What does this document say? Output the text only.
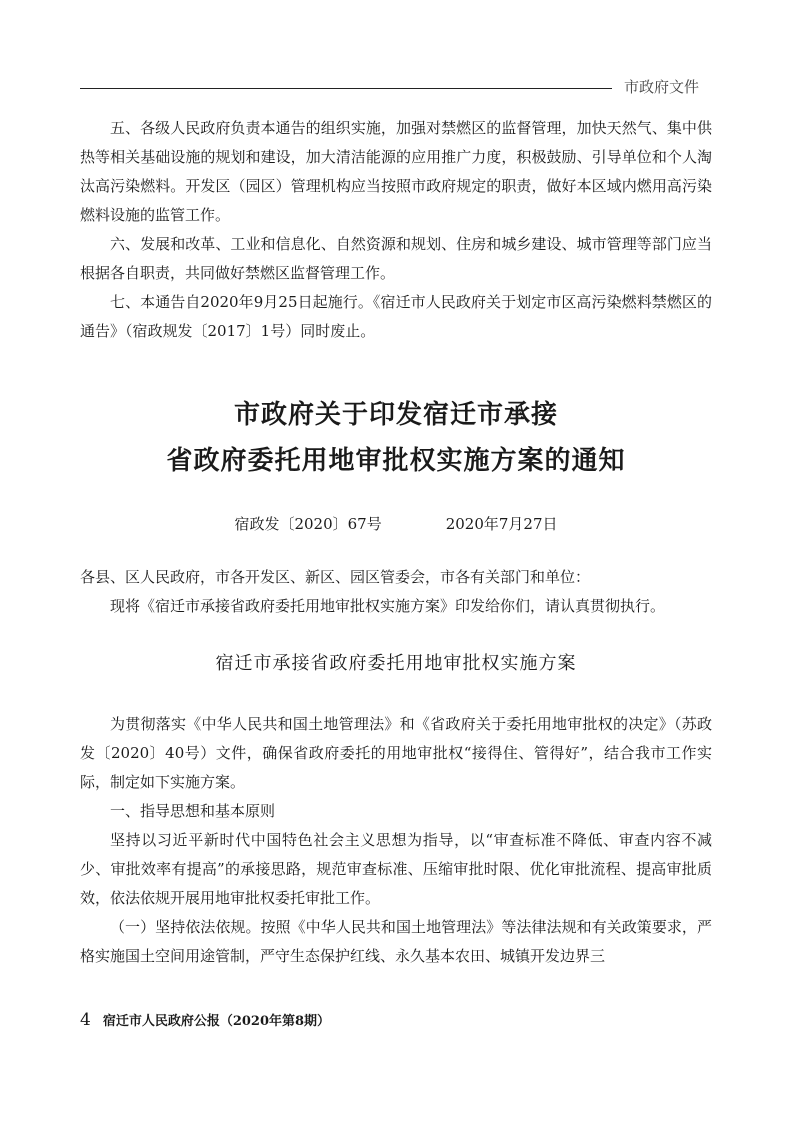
市政府文件

五、各级人民政府负责本通告的组织实施，加强对禁燃区的监督管理，加快天然气、集中供热等相关基础设施的规划和建设，加大清洁能源的应用推广力度，积极鼓励、引导单位和个人淘汰高污染燃料。开发区（园区）管理机构应当按照市政府规定的职责，做好本区域内燃用高污染燃料设施的监管工作。

六、发展和改革、工业和信息化、自然资源和规划、住房和城乡建设、城市管理等部门应当根据各自职责，共同做好禁燃区监督管理工作。

七、本通告自2020年9月25日起施行。《宿迁市人民政府关于划定市区高污染燃料禁燃区的通告》（宿政规发〔2017〕1号）同时废止。

市政府关于印发宿迁市承接
省政府委托用地审批权实施方案的通知
宿政发〔2020〕67号	2020年7月27日

各县、区人民政府，市各开发区、新区、园区管委会，市各有关部门和单位：

现将《宿迁市承接省政府委托用地审批权实施方案》印发给你们，请认真贯彻执行。

宿迁市承接省政府委托用地审批权实施方案

为贯彻落实《中华人民共和国土地管理法》和《省政府关于委托用地审批权的决定》（苏政发〔2020〕40号）文件，确保省政府委托的用地审批权“接得住、管得好”，结合我市工作实际，制定如下实施方案。

一、指导思想和基本原则

坚持以习近平新时代中国特色社会主义思想为指导，以“审查标准不降低、审查内容不减少、审批效率有提高”的承接思路，规范审查标准、压缩审批时限、优化审批流程、提高审批质效，依法依规开展用地审批权委托审批工作。

（一）坚持依法依规。按照《中华人民共和国土地管理法》等法律法规和有关政策要求，严格实施国土空间用途管制，严守生态保护红线、永久基本农田、城镇开发边界三

4 宿迁市人民政府公报（2020年第8期）
